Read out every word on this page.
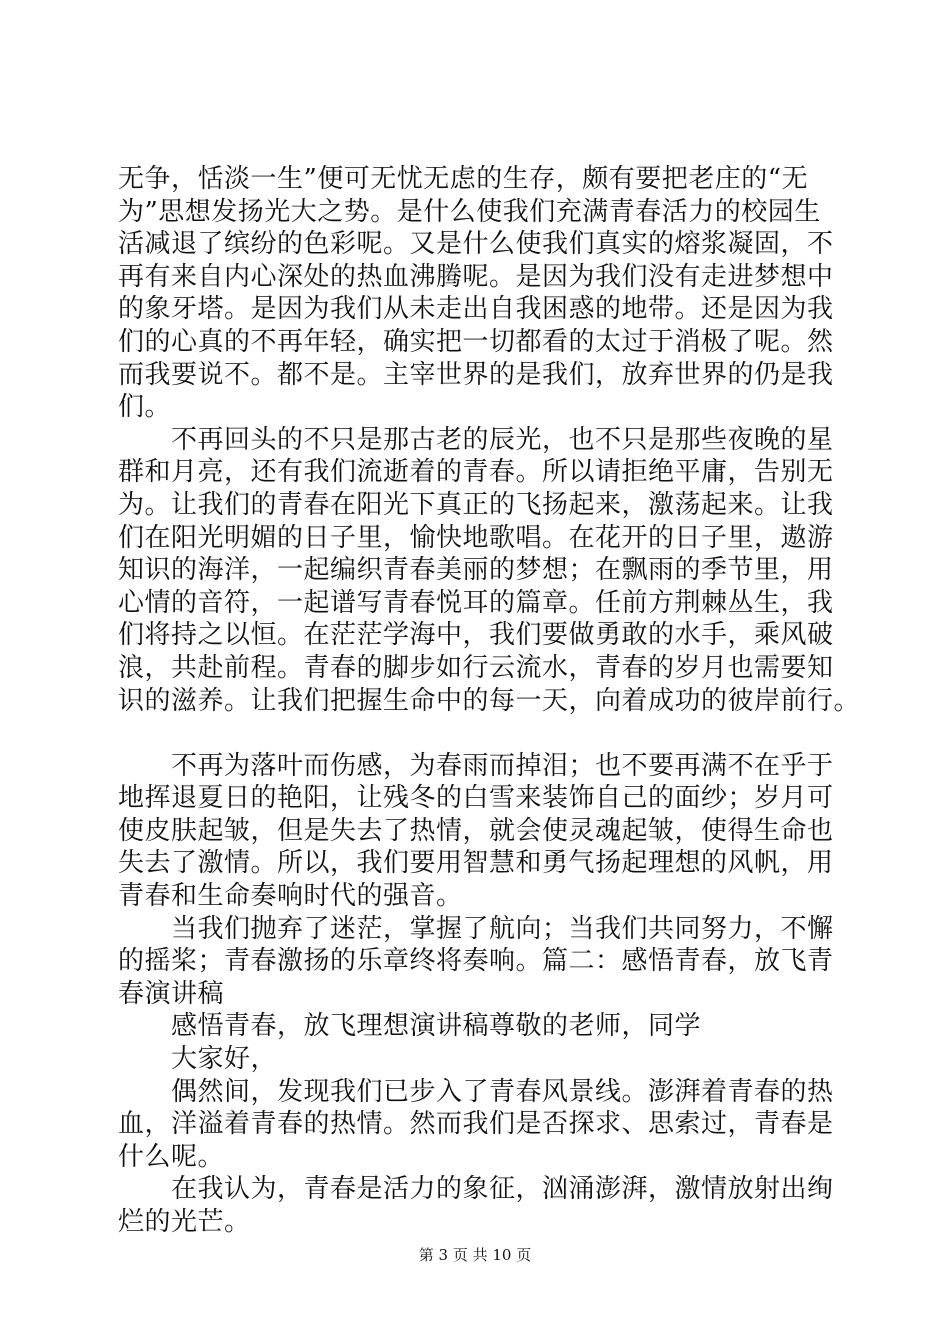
无争，恬淡一生”便可无忧无虑的生存，颇有要把老庄的“无
为”思想发扬光大之势。是什么使我们充满青春活力的校园生
活减退了缤纷的色彩呢。又是什么使我们真实的熔浆凝固，不
再有来自内心深处的热血沸腾呢。是因为我们没有走进梦想中
的象牙塔。是因为我们从未走出自我困惑的地带。还是因为我
们的心真的不再年轻，确实把一切都看的太过于消极了呢。然
而我要说不。都不是。主宰世界的是我们，放弃世界的仍是我
们。
　　不再回头的不只是那古老的辰光，也不只是那些夜晚的星
群和月亮，还有我们流逝着的青春。所以请拒绝平庸，告别无
为。让我们的青春在阳光下真正的飞扬起来，激荡起来。让我
们在阳光明媚的日子里，愉快地歌唱。在花开的日子里，遨游
知识的海洋，一起编织青春美丽的梦想；在飘雨的季节里，用
心情的音符，一起谱写青春悦耳的篇章。任前方荆棘丛生，我
们将持之以恒。在茫茫学海中，我们要做勇敢的水手，乘风破
浪，共赴前程。青春的脚步如行云流水，青春的岁月也需要知
识的滋养。让我们把握生命中的每一天，向着成功的彼岸前行。
　　不再为落叶而伤感，为春雨而掉泪；也不要再满不在乎于
地挥退夏日的艳阳，让残冬的白雪来装饰自己的面纱；岁月可
使皮肤起皱，但是失去了热情，就会使灵魂起皱，使得生命也
失去了激情。所以，我们要用智慧和勇气扬起理想的风帆，用
青春和生命奏响时代的强音。
　　当我们抛弃了迷茫，掌握了航向；当我们共同努力，不懈
的摇桨；青春激扬的乐章终将奏响。篇二：感悟青春，放飞青
春演讲稿
　　感悟青春，放飞理想演讲稿尊敬的老师，同学
　　大家好，
　　偶然间，发现我们已步入了青春风景线。澎湃着青春的热
血，洋溢着青春的热情。然而我们是否探求、思索过，青春是
什么呢。
　　在我认为，青春是活力的象征，汹涌澎湃，激情放射出绚
烂的光芒。
第 3 页 共 10 页
